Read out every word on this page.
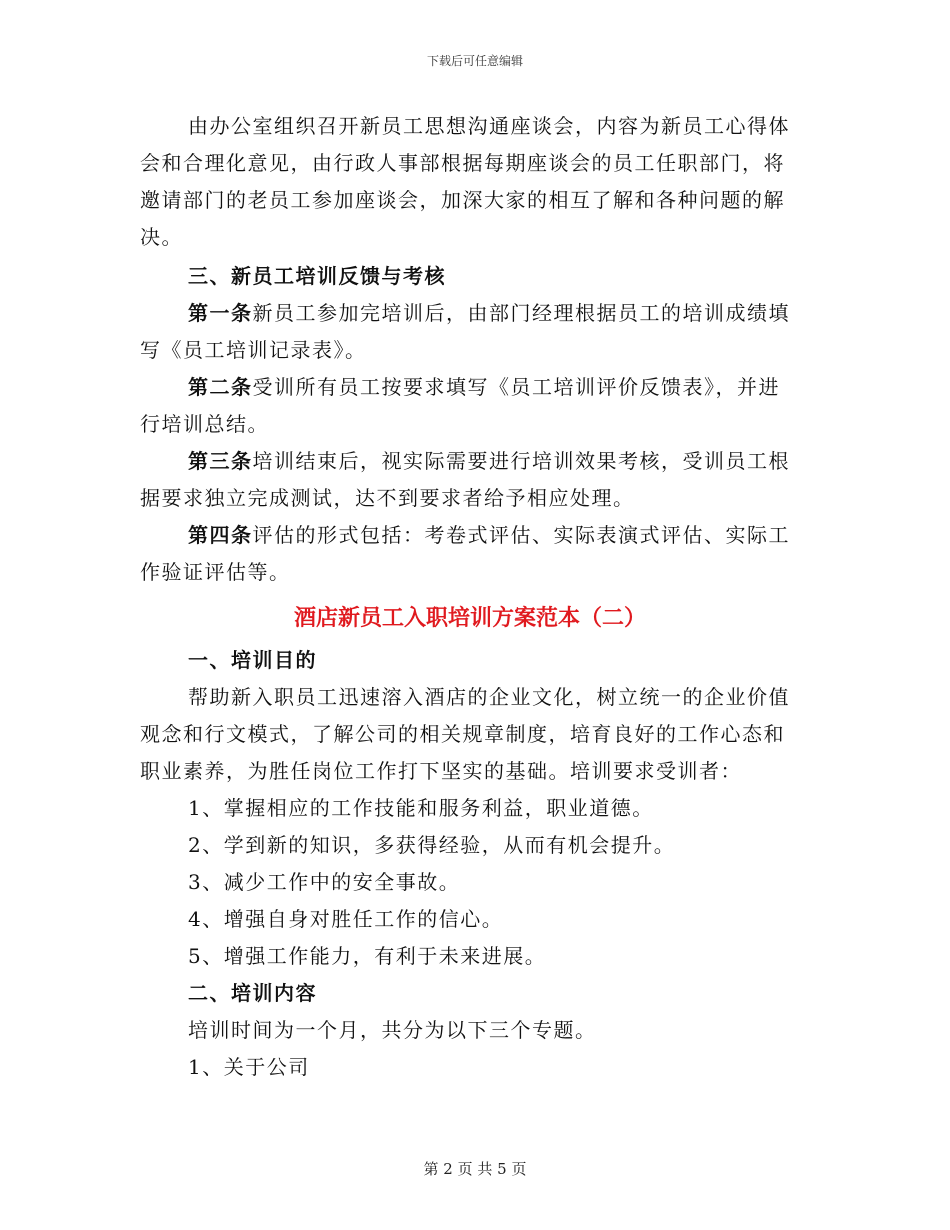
下载后可任意编辑

由办公室组织召开新员工思想沟通座谈会，内容为新员工心得体会和合理化意见，由行政人事部根据每期座谈会的员工任职部门，将邀请部门的老员工参加座谈会，加深大家的相互了解和各种问题的解决。

三、新员工培训反馈与考核

第一条新员工参加完培训后，由部门经理根据员工的培训成绩填写《员工培训记录表》。

第二条受训所有员工按要求填写《员工培训评价反馈表》，并进行培训总结。

第三条培训结束后，视实际需要进行培训效果考核，受训员工根据要求独立完成测试，达不到要求者给予相应处理。

第四条评估的形式包括：考卷式评估、实际表演式评估、实际工作验证评估等。

酒店新员工入职培训方案范本（二）

一、培训目的

帮助新入职员工迅速溶入酒店的企业文化，树立统一的企业价值观念和行文模式，了解公司的相关规章制度，培育良好的工作心态和职业素养，为胜任岗位工作打下坚实的基础。培训要求受训者：

1、掌握相应的工作技能和服务利益，职业道德。

2、学到新的知识，多获得经验，从而有机会提升。

3、减少工作中的安全事故。

4、增强自身对胜任工作的信心。

5、增强工作能力，有利于未来进展。

二、培训内容

培训时间为一个月，共分为以下三个专题。

1、关于公司

第 2 页 共 5 页
